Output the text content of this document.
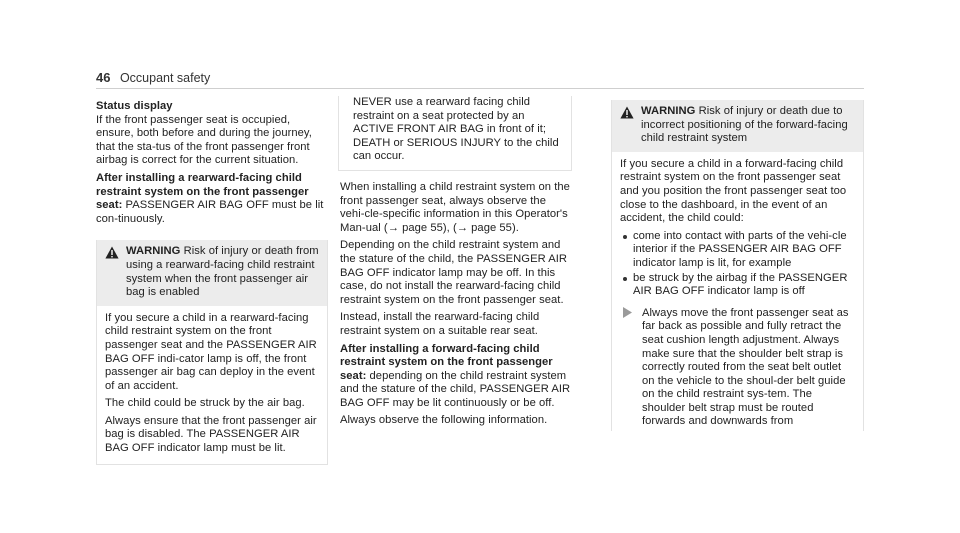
46 Occupant safety
Status display

If the front passenger seat is occupied, ensure, both before and during the journey, that the sta-tus of the front passenger front airbag is correct for the current situation.

After installing a rearward-facing child restraint system on the front passenger seat: PASSENGER AIR BAG OFF must be lit con-tinuously.

WARNING Risk of injury or death from using a rearward-facing child restraint system when the front passenger air bag is enabled

If you secure a child in a rearward-facing child restraint system on the front passenger seat and the PASSENGER AIR BAG OFF indi-cator lamp is off, the front passenger air bag can deploy in the event of an accident.

The child could be struck by the air bag.

Always ensure that the front passenger air bag is disabled. The PASSENGER AIR BAG OFF indicator lamp must be lit.

NEVER use a rearward facing child restraint on a seat protected by an ACTIVE FRONT AIR BAG in front of it; DEATH or SERIOUS INJURY to the child can occur.

When installing a child restraint system on the front passenger seat, always observe the vehi-cle-specific information in this Operator's Man-ual (→ page 55), (→ page 55).

Depending on the child restraint system and the stature of the child, the PASSENGER AIR BAG OFF indicator lamp may be off. In this case, do not install the rearward-facing child restraint system on the front passenger seat.

Instead, install the rearward-facing child restraint system on a suitable rear seat.

After installing a forward-facing child restraint system on the front passenger seat: depending on the child restraint system and the stature of the child, PASSENGER AIR BAG OFF may be lit continuously or be off.

Always observe the following information.

WARNING Risk of injury or death due to incorrect positioning of the forward-facing child restraint system

If you secure a child in a forward-facing child restraint system on the front passenger seat and you position the front passenger seat too close to the dashboard, in the event of an accident, the child could:

come into contact with parts of the vehi-cle interior if the PASSENGER AIR BAG OFF indicator lamp is lit, for example
be struck by the airbag if the PASSENGER AIR BAG OFF indicator lamp is off
Always move the front passenger seat as far back as possible and fully retract the seat cushion length adjustment. Always make sure that the shoulder belt strap is correctly routed from the seat belt outlet on the vehicle to the shoul-der belt guide on the child restraint sys-tem. The shoulder belt strap must be routed forwards and downwards from
